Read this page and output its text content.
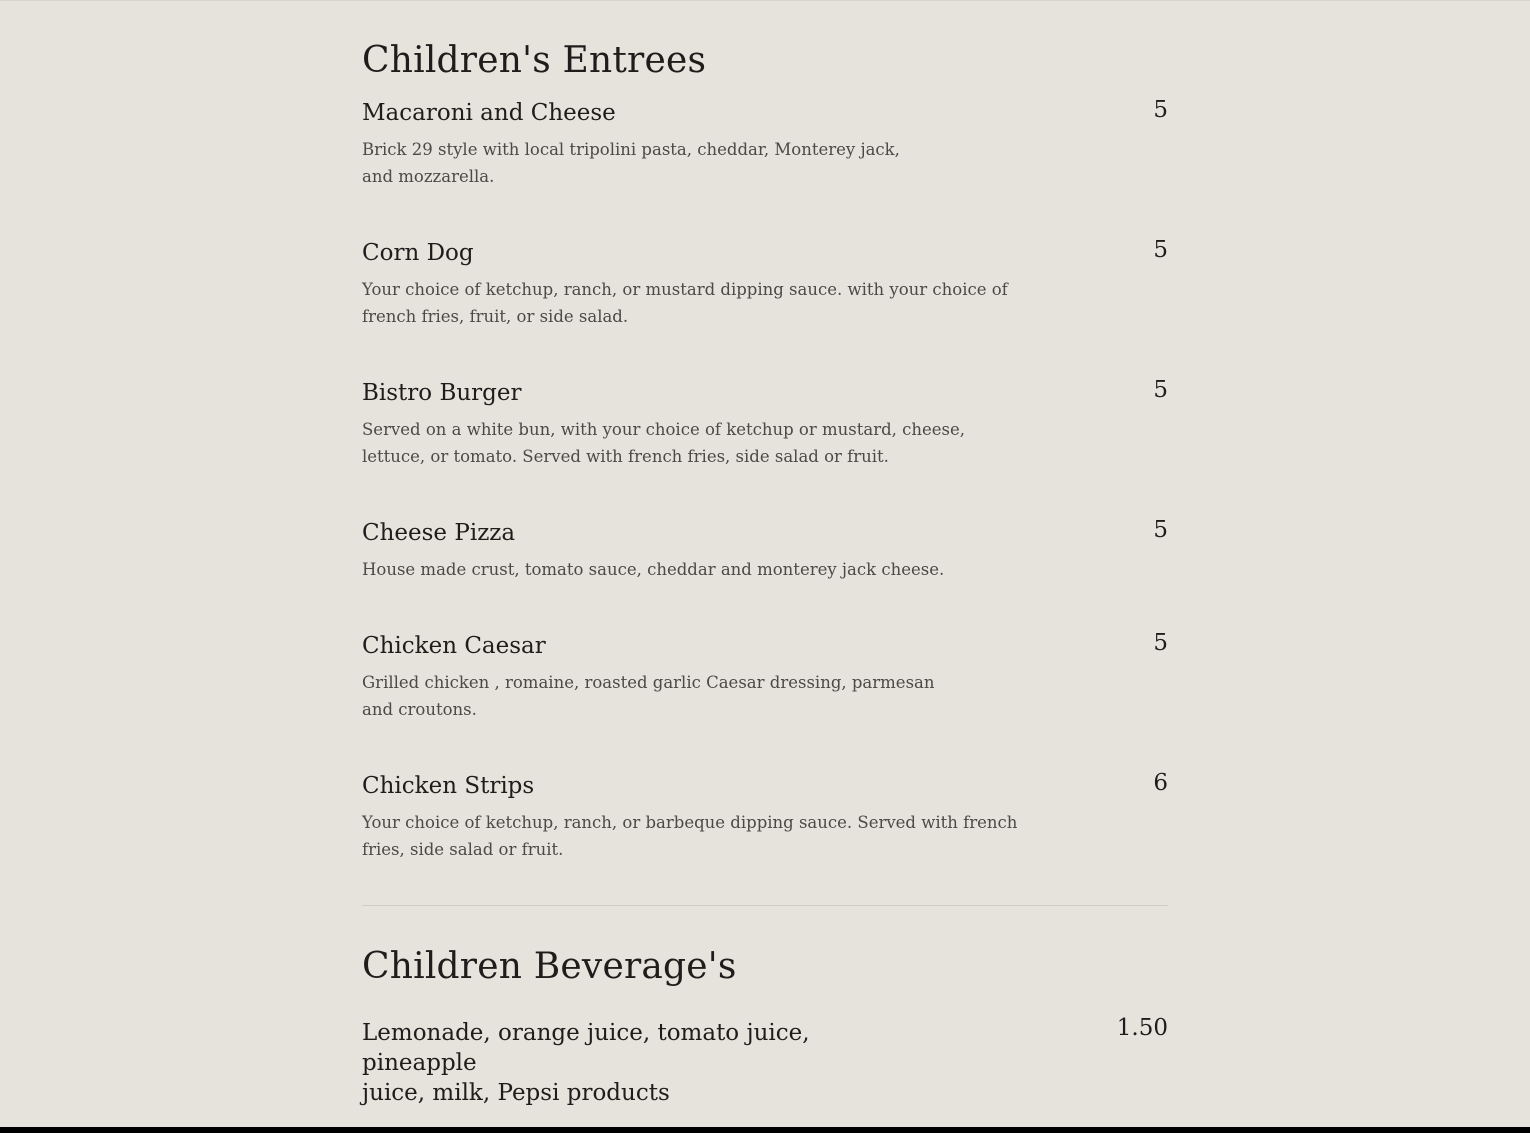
Children's Entrees
Macaroni and Cheese	5

Brick 29 style with local tripolini pasta, cheddar, Monterey jack,
and mozzarella.

Corn Dog	5

Your choice of ketchup, ranch, or mustard dipping sauce. with your choice of
french fries, fruit, or side salad.

Bistro Burger	5

Served on a white bun, with your choice of ketchup or mustard, cheese,
lettuce, or tomato. Served with french fries, side salad or fruit.

Cheese Pizza	5

House made crust, tomato sauce, cheddar and monterey jack cheese.

Chicken Caesar	5

Grilled chicken , romaine, roasted garlic Caesar dressing, parmesan
and croutons.

Chicken Strips	6

Your choice of ketchup, ranch, or barbeque dipping sauce. Served with french
fries, side salad or fruit.

Children Beverage's
Lemonade, orange juice, tomato juice, pineapple
juice, milk, Pepsi products
1.50
